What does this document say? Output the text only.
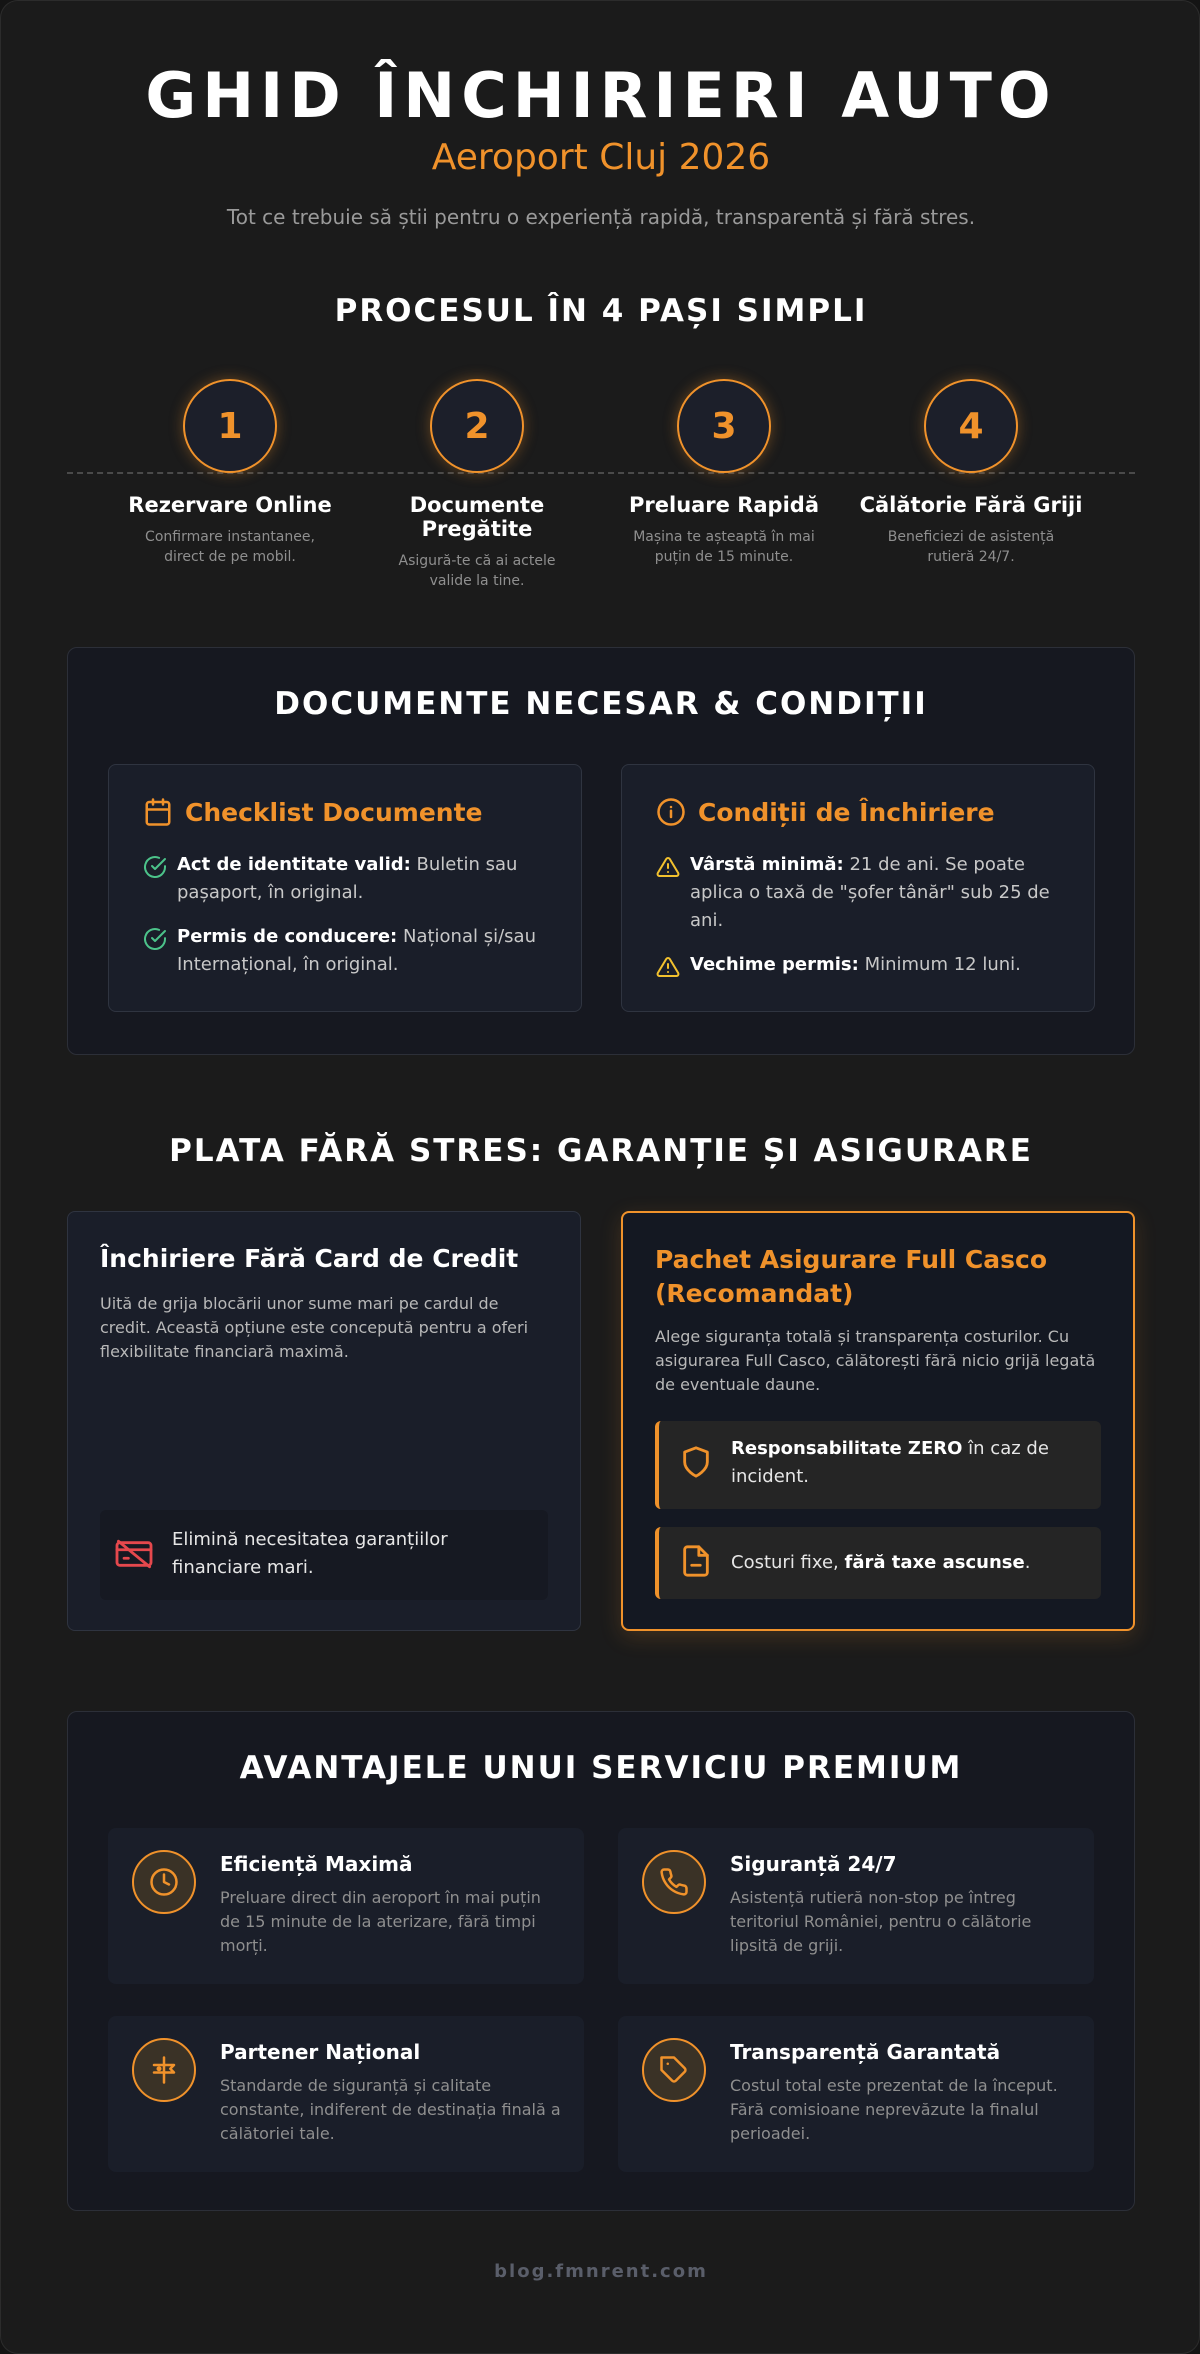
GHID ÎNCHIRIERI AUTO
Aeroport Cluj 2026
Tot ce trebuie să știi pentru o experiență rapidă, transparentă și fără stres.
PROCESUL ÎN 4 PAȘI SIMPLI
1
Rezervare Online
Confirmare instantanee, direct de pe mobil.
2
Documente Pregătite
Asigură-te că ai actele valide la tine.
3
Preluare Rapidă
Mașina te așteaptă în mai puțin de 15 minute.
4
Călătorie Fără Griji
Beneficiezi de asistență rutieră 24/7.
DOCUMENTE NECESAR & CONDIȚII
Checklist Documente
Act de identitate valid: Buletin sau pașaport, în original.
Permis de conducere: Național și/sau Internațional, în original.
Condiții de Închiriere
Vârstă minimă: 21 de ani. Se poate aplica o taxă de "șofer tânăr" sub 25 de ani.
Vechime permis: Minimum 12 luni.
PLATA FĂRĂ STRES: GARANȚIE ȘI ASIGURARE
Închiriere Fără Card de Credit
Uită de grija blocării unor sume mari pe cardul de credit. Această opțiune este concepută pentru a oferi flexibilitate financiară maximă.
Elimină necesitatea garanțiilor financiare mari.
Pachet Asigurare Full Casco (Recomandat)
Alege siguranța totală și transparența costurilor. Cu asigurarea Full Casco, călătorești fără nicio grijă legată de eventuale daune.
Responsabilitate ZERO în caz de incident.
Costuri fixe, fără taxe ascunse.
AVANTAJELE UNUI SERVICIU PREMIUM
Eficiență Maximă
Preluare direct din aeroport în mai puțin de 15 minute de la aterizare, fără timpi morți.
Siguranță 24/7
Asistență rutieră non-stop pe întreg teritoriul României, pentru o călătorie lipsită de griji.
Partener Național
Standarde de siguranță și calitate constante, indiferent de destinația finală a călătoriei tale.
Transparență Garantată
Costul total este prezentat de la început. Fără comisioane neprevăzute la finalul perioadei.
blog.fmnrent.com
